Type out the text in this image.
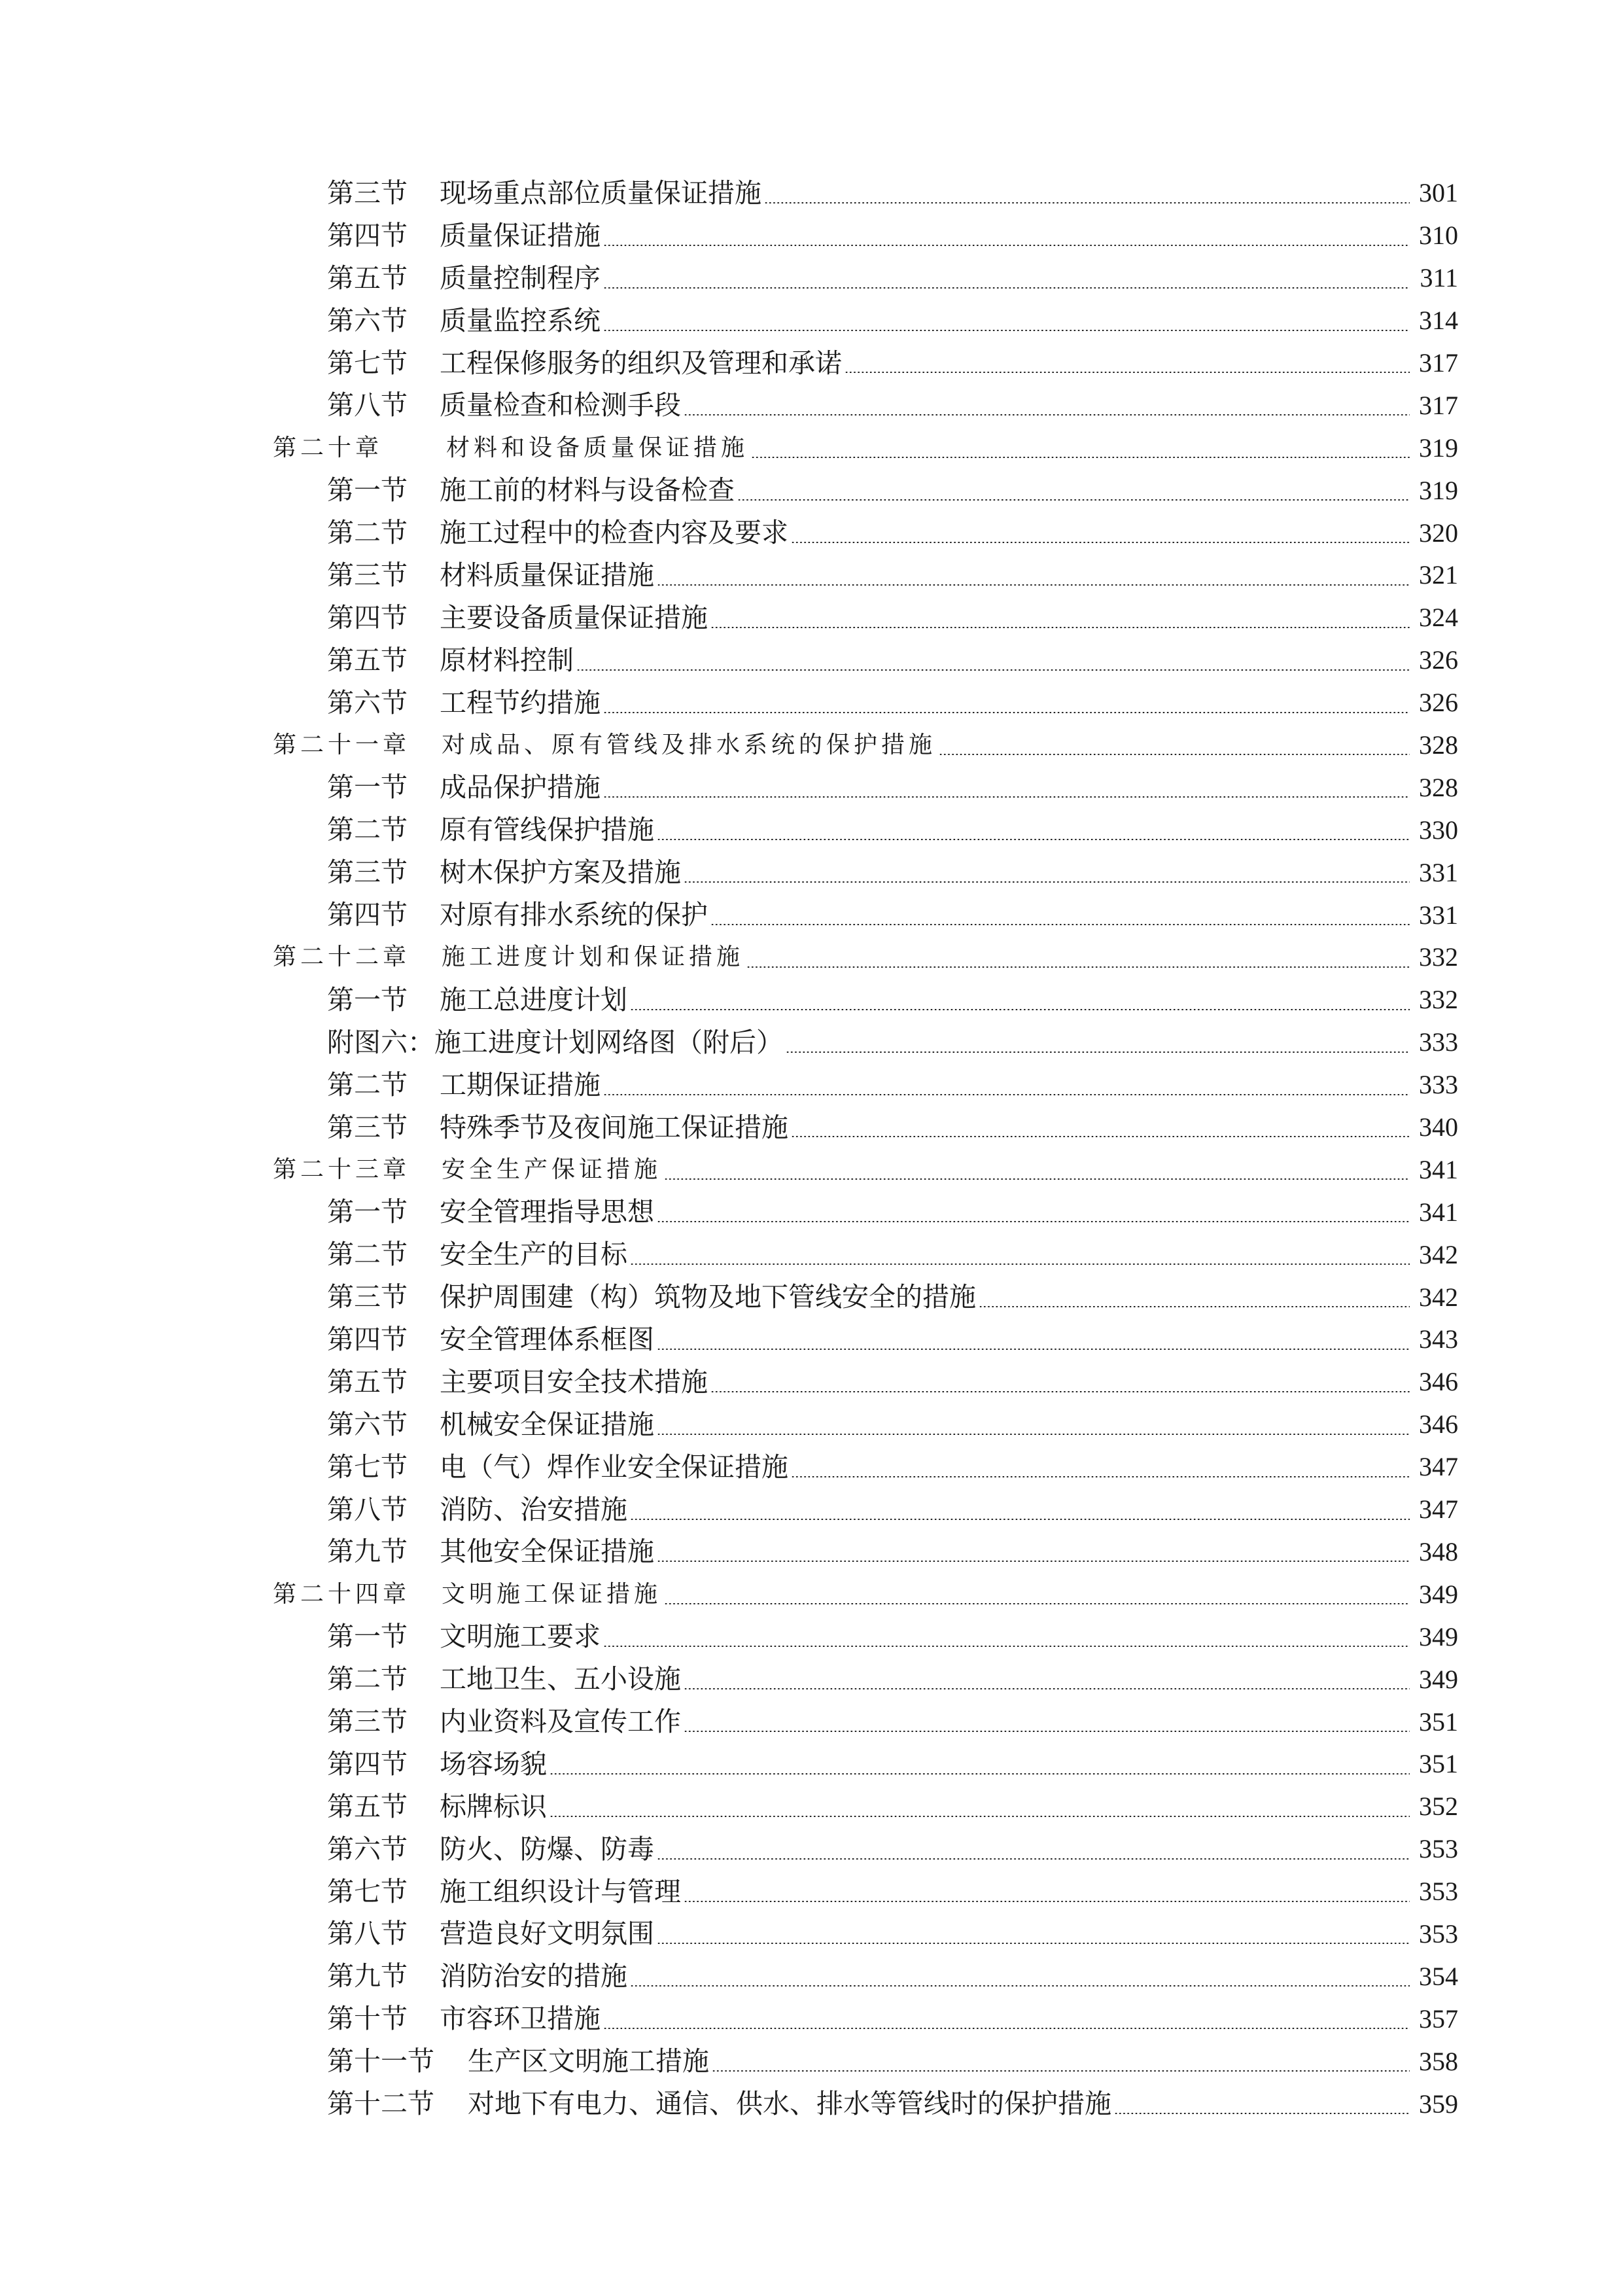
第三节	现场重点部位质量保证措施	301
第四节	质量保证措施	310
第五节	质量控制程序	311
第六节	质量监控系统	314
第七节	工程保修服务的组织及管理和承诺	317
第八节	质量检查和检测手段	317
第二十章	材料和设备质量保证措施	319
第一节	施工前的材料与设备检查	319
第二节	施工过程中的检查内容及要求	320
第三节	材料质量保证措施	321
第四节	主要设备质量保证措施	324
第五节	原材料控制	326
第六节	工程节约措施	326
第二十一章	对成品、原有管线及排水系统的保护措施	328
第一节	成品保护措施	328
第二节	原有管线保护措施	330
第三节	树木保护方案及措施	331
第四节	对原有排水系统的保护	331
第二十二章	施工进度计划和保证措施	332
第一节	施工总进度计划	332
附图六： 施工进度计划网络图（附后）	333
第二节	工期保证措施	333
第三节	特殊季节及夜间施工保证措施	340
第二十三章	安全生产保证措施	341
第一节	安全管理指导思想	341
第二节	安全生产的目标	342
第三节	保护周围建（构）筑物及地下管线安全的措施	342
第四节	安全管理体系框图	343
第五节	主要项目安全技术措施	346
第六节	机械安全保证措施	346
第七节	电（气）焊作业安全保证措施	347
第八节	消防、治安措施	347
第九节	其他安全保证措施	348
第二十四章	文明施工保证措施	349
第一节	文明施工要求	349
第二节	工地卫生、五小设施	349
第三节	内业资料及宣传工作	351
第四节	场容场貌	351
第五节	标牌标识	352
第六节	防火、防爆、防毒	353
第七节	施工组织设计与管理	353
第八节	营造良好文明氛围	353
第九节	消防治安的措施	354
第十节	市容环卫措施	357
第十一节	生产区文明施工措施	358
第十二节	对地下有电力、通信、供水、排水等管线时的保护措施	359
